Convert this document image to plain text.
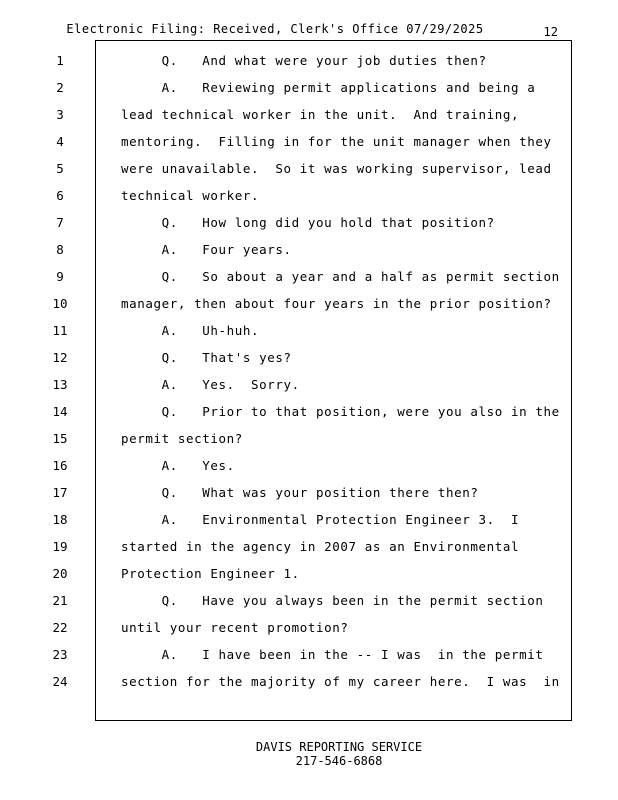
Electronic Filing: Received, Clerk's Office 07/29/2025	12
1	Q.   And what were your job duties then?
2	A.   Reviewing permit applications and being a
3	lead technical worker in the unit.  And training,
4	mentoring.  Filling in for the unit manager when they
5	were unavailable.  So it was working supervisor, lead
6	technical worker.
7	Q.   How long did you hold that position?
8	A.   Four years.
9	Q.   So about a year and a half as permit section
10	manager, then about four years in the prior position?
11	A.   Uh-huh.
12	Q.   That's yes?
13	A.   Yes.  Sorry.
14	Q.   Prior to that position, were you also in the
15	permit section?
16	A.   Yes.
17	Q.   What was your position there then?
18	A.   Environmental Protection Engineer 3.  I
19	started in the agency in 2007 as an Environmental
20	Protection Engineer 1.
21	Q.   Have you always been in the permit section
22	until your recent promotion?
23	A.   I have been in the -- I was  in the permit
24	section for the majority of my career here.  I was  in
DAVIS REPORTING SERVICE
217-546-6868
